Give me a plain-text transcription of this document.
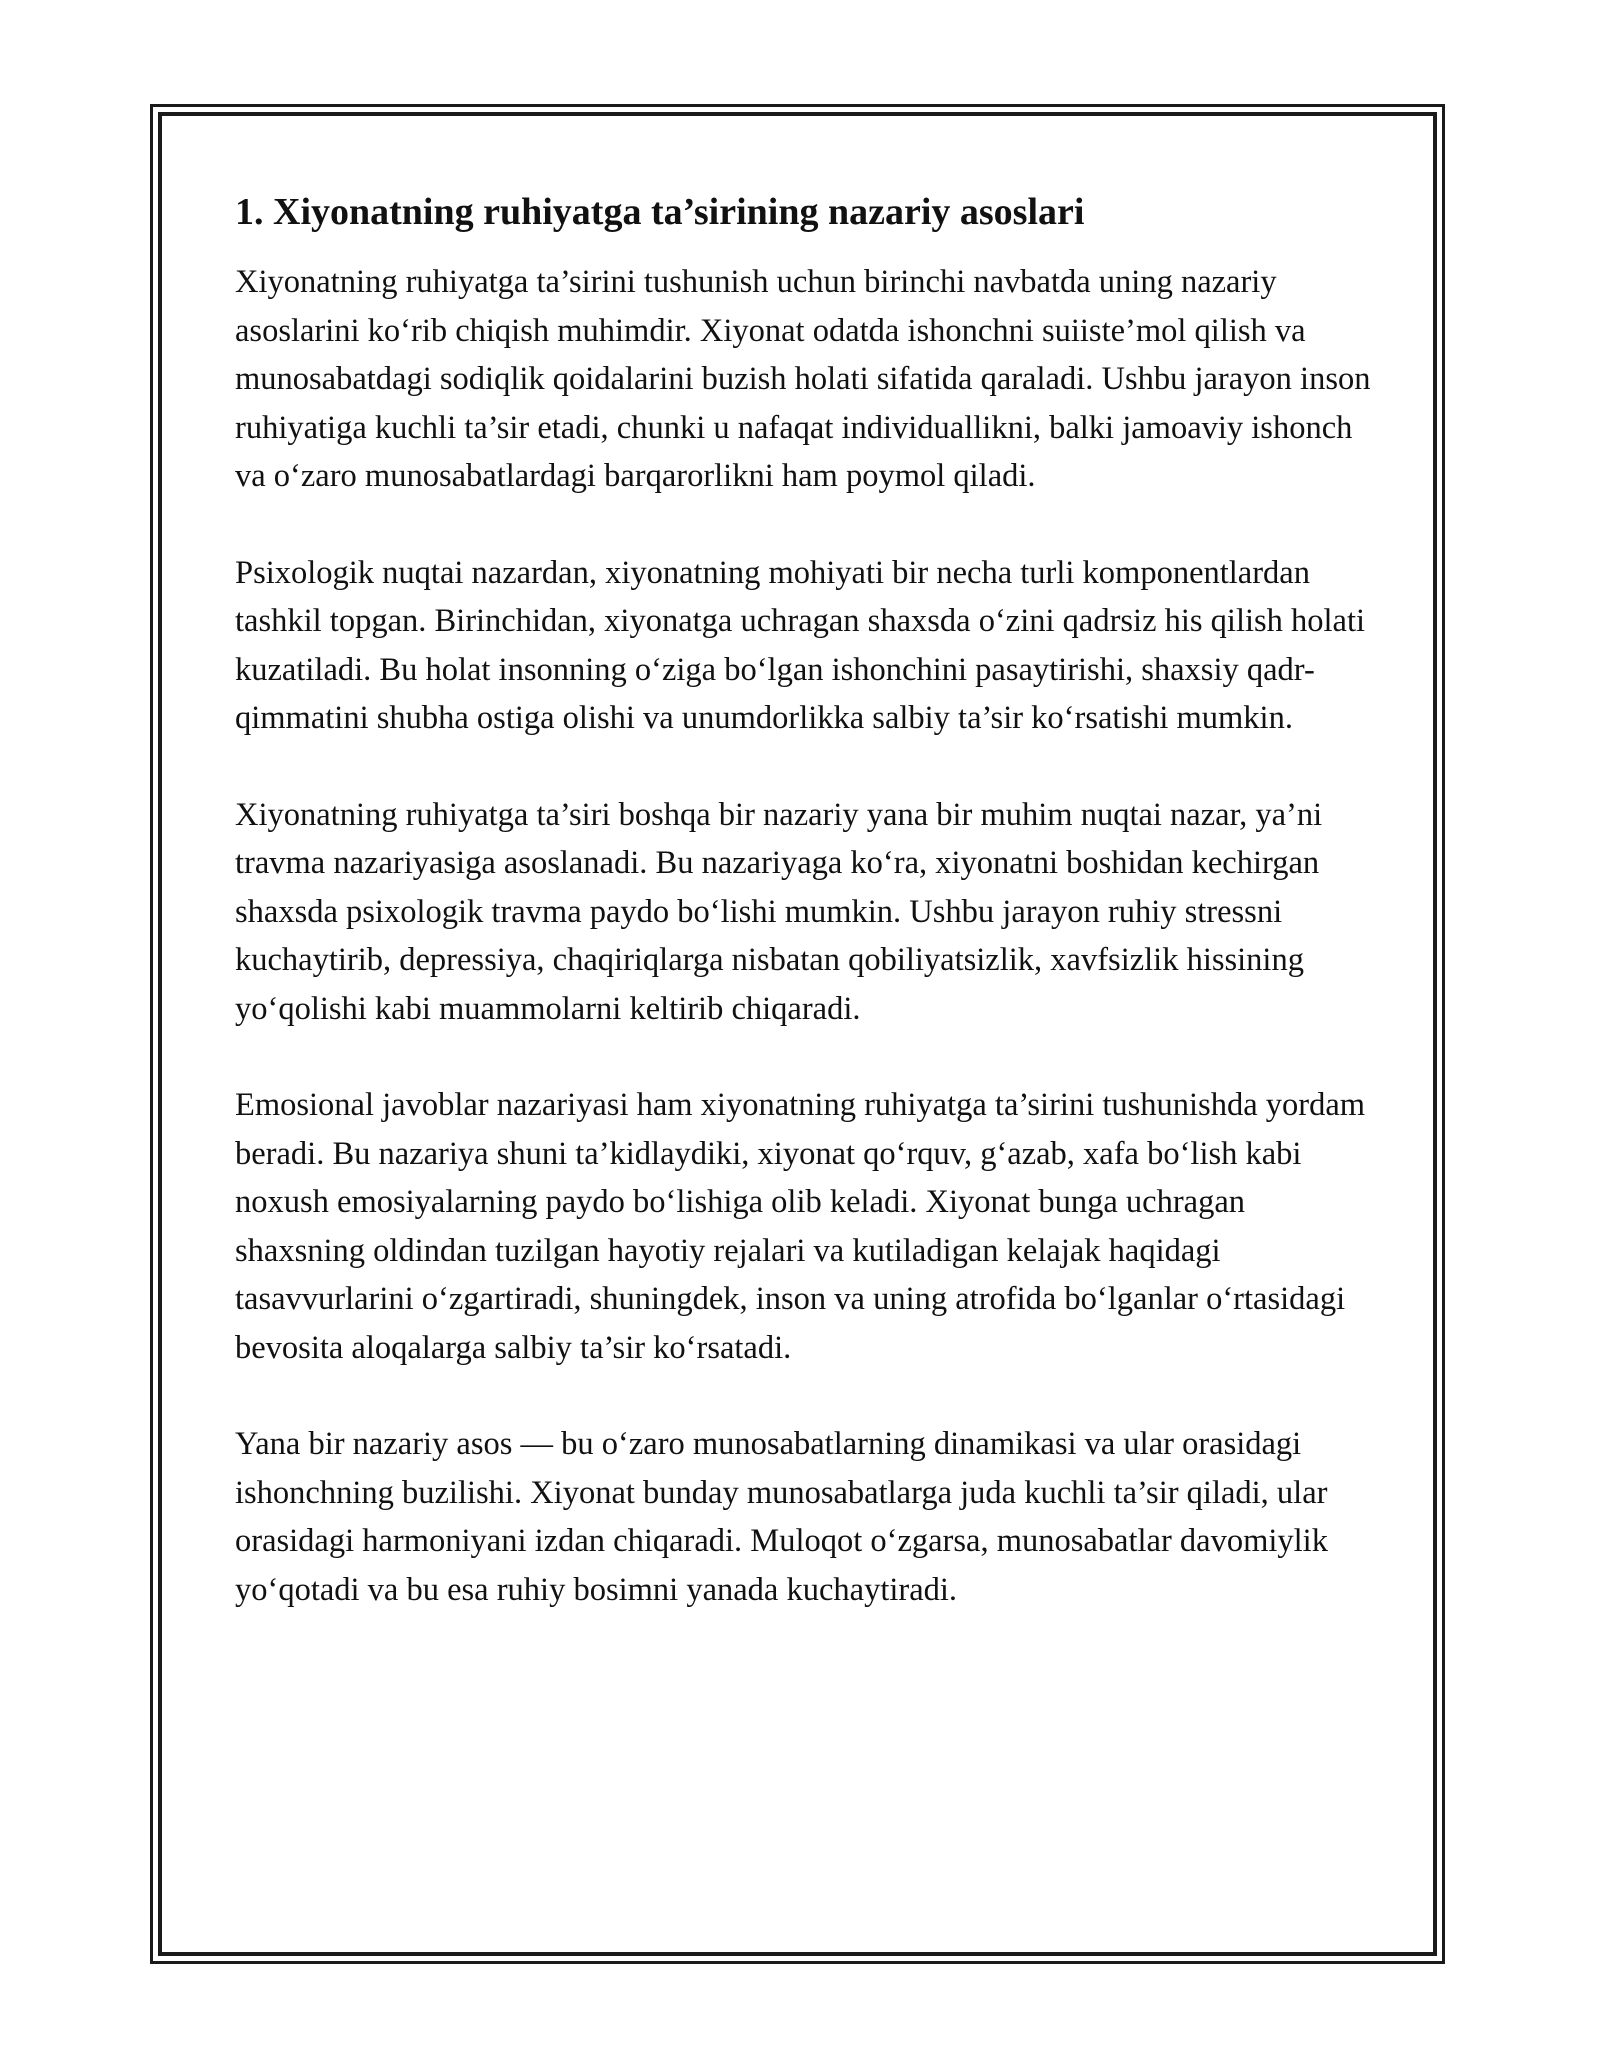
1. Xiyonatning ruhiyatga ta’sirining nazariy asoslari

Xiyonatning ruhiyatga ta’sirini tushunish uchun birinchi navbatda uning nazariy asoslarini koʻrib chiqish muhimdir. Xiyonat odatda ishonchni suiiste’mol qilish va munosabatdagi sodiqlik qoidalarini buzish holati sifatida qaraladi. Ushbu jarayon inson ruhiyatiga kuchli ta’sir etadi, chunki u nafaqat individuallikni, balki jamoaviy ishonch va oʻzaro munosabatlardagi barqarorlikni ham poymol qiladi.

Psixologik nuqtai nazardan, xiyonatning mohiyati bir necha turli komponentlardan tashkil topgan. Birinchidan, xiyonatga uchragan shaxsda oʻzini qadrsiz his qilish holati kuzatiladi. Bu holat insonning oʻziga boʻlgan ishonchini pasaytirishi, shaxsiy qadr-qimmatini shubha ostiga olishi va unumdorlikka salbiy ta’sir koʻrsatishi mumkin.

Xiyonatning ruhiyatga ta’siri boshqa bir nazariy yana bir muhim nuqtai nazar, ya’ni travma nazariyasiga asoslanadi. Bu nazariyaga koʻra, xiyonatni boshidan kechirgan shaxsda psixologik travma paydo boʻlishi mumkin. Ushbu jarayon ruhiy stressni kuchaytirib, depressiya, chaqiriqlarga nisbatan qobiliyatsizlik, xavfsizlik hissining yoʻqolishi kabi muammolarni keltirib chiqaradi.

Emosional javoblar nazariyasi ham xiyonatning ruhiyatga ta’sirini tushunishda yordam beradi. Bu nazariya shuni ta’kidlaydiki, xiyonat qoʻrquv, gʻazab, xafa boʻlish kabi noxush emosiyalarning paydo boʻlishiga olib keladi. Xiyonat bunga uchragan shaxsning oldindan tuzilgan hayotiy rejalari va kutiladigan kelajak haqidagi tasavvurlarini oʻzgartiradi, shuningdek, inson va uning atrofida boʻlganlar oʻrtasidagi bevosita aloqalarga salbiy ta’sir koʻrsatadi.

Yana bir nazariy asos — bu oʻzaro munosabatlarning dinamikasi va ular orasidagi ishonchning buzilishi. Xiyonat bunday munosabatlarga juda kuchli ta’sir qiladi, ular orasidagi harmoniyani izdan chiqaradi. Muloqot oʻzgarsa, munosabatlar davomiylik yoʻqotadi va bu esa ruhiy bosimni yanada kuchaytiradi.
